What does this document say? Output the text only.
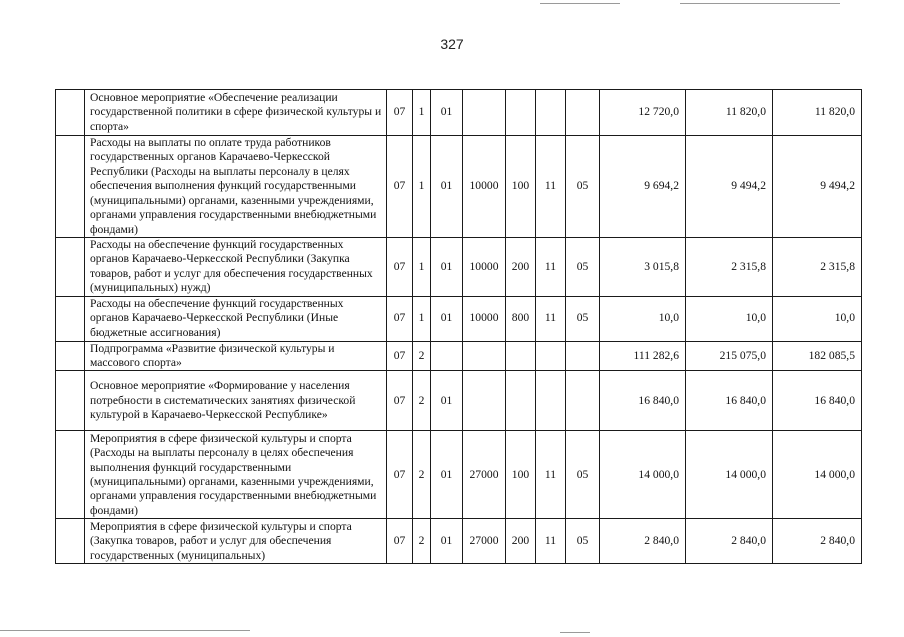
327
	Основное мероприятие «Обеспечение реализации государственной политики в сфере физической культуры и спорта»	07	1	01					12 720,0	11 820,0	11 820,0
	Расходы на выплаты по оплате труда работников государственных органов Карачаево-Черкесской Республики (Расходы на выплаты персоналу в целях обеспечения выполнения функций государственными (муниципальными) органами, казенными учреждениями, органами управления государственными внебюджетными фондами)	07	1	01	10000	100	11	05	9 694,2	9 494,2	9 494,2
	Расходы на обеспечение функций государственных органов Карачаево-Черкесской Республики (Закупка товаров, работ и услуг для обеспечения государственных (муниципальных) нужд)	07	1	01	10000	200	11	05	3 015,8	2 315,8	2 315,8
	Расходы на обеспечение функций государственных органов Карачаево-Черкесской Республики (Иные бюджетные ассигнования)	07	1	01	10000	800	11	05	10,0	10,0	10,0
	Подпрограмма «Развитие физической культуры и массового спорта»	07	2						111 282,6	215 075,0	182 085,5
	Основное мероприятие «Формирование у населения потребности в систематических занятиях физической культурой в Карачаево-Черкесской Республике»	07	2	01					16 840,0	16 840,0	16 840,0
	Мероприятия в сфере физической культуры и спорта (Расходы на выплаты персоналу в целях обеспечения выполнения функций государственными (муниципальными) органами, казенными учреждениями, органами управления государственными внебюджетными фондами)	07	2	01	27000	100	11	05	14 000,0	14 000,0	14 000,0
	Мероприятия в сфере физической культуры и спорта (Закупка товаров, работ и услуг для обеспечения государственных (муниципальных)	07	2	01	27000	200	11	05	2 840,0	2 840,0	2 840,0
